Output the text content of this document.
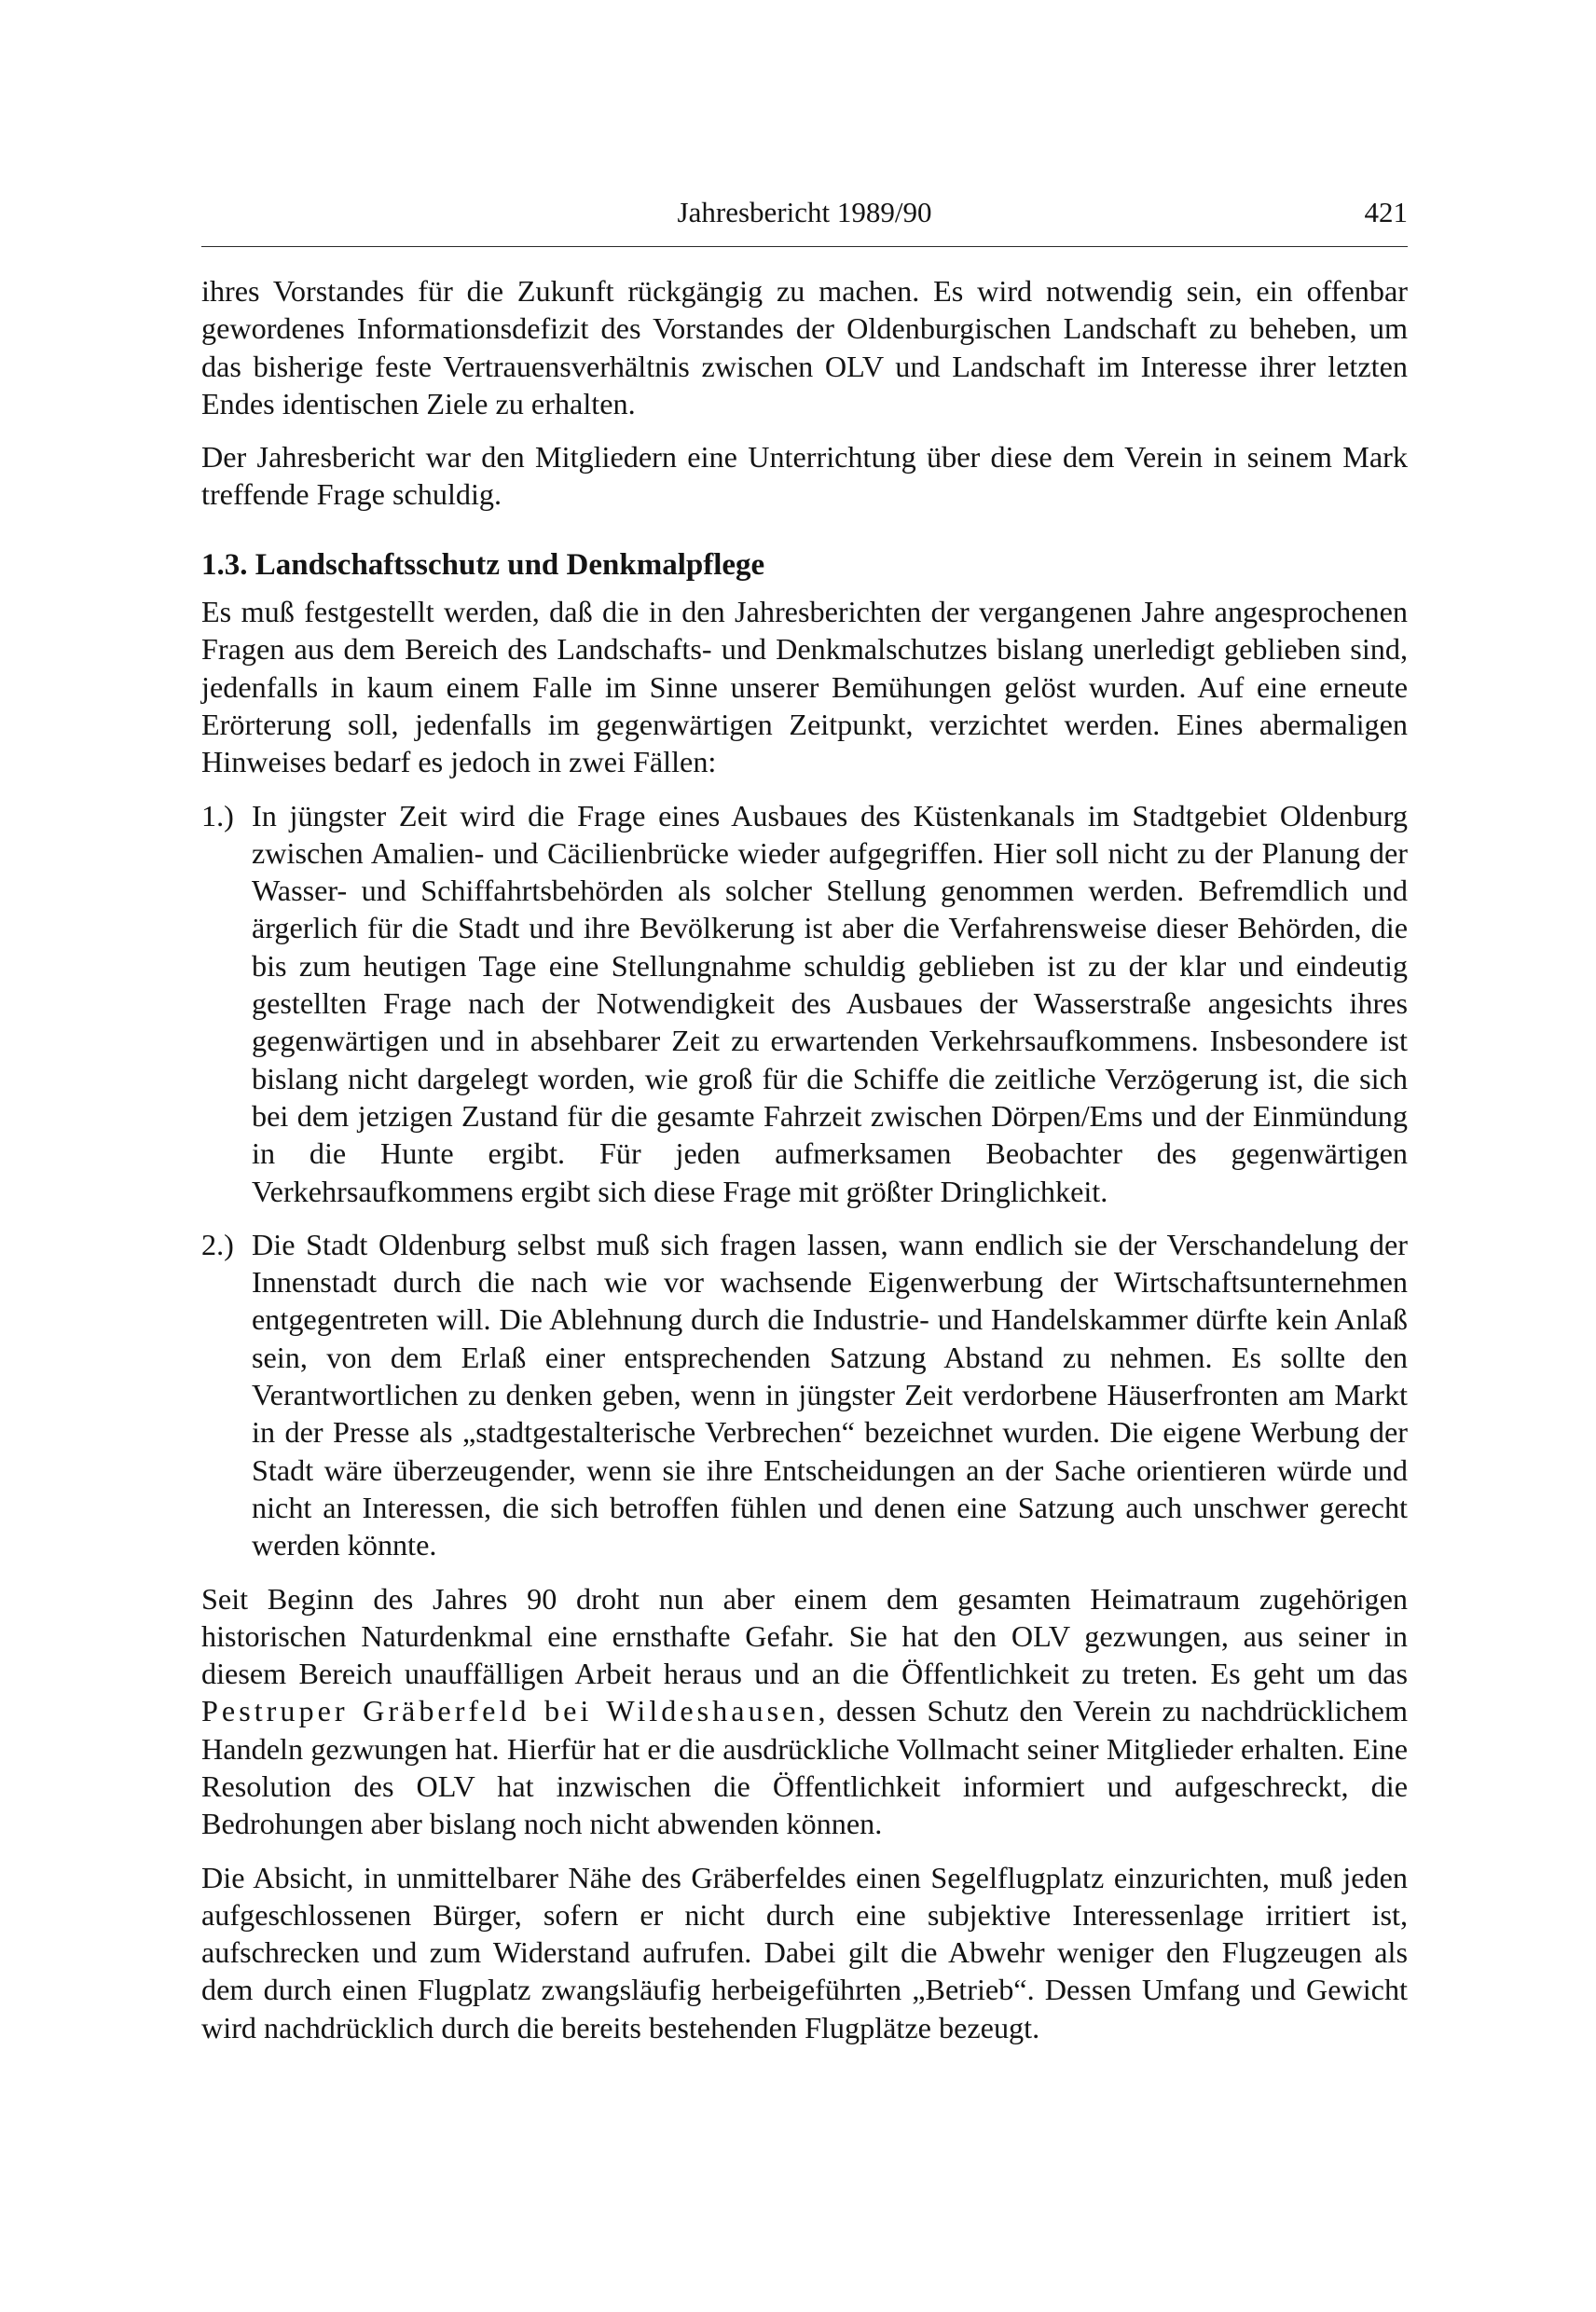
Jahresbericht 1989/90	421

ihres Vorstandes für die Zukunft rückgängig zu machen. Es wird notwendig sein, ein offenbar gewordenes Informationsdefizit des Vorstandes der Oldenburgischen Landschaft zu beheben, um das bisherige feste Vertrauensverhältnis zwischen OLV und Landschaft im Interesse ihrer letzten Endes identischen Ziele zu erhalten.

Der Jahresbericht war den Mitgliedern eine Unterrichtung über diese dem Verein in seinem Mark treffende Frage schuldig.

1.3. Landschaftsschutz und Denkmalpflege

Es muß festgestellt werden, daß die in den Jahresberichten der vergangenen Jahre angesprochenen Fragen aus dem Bereich des Landschafts- und Denkmalschutzes bislang unerledigt geblieben sind, jedenfalls in kaum einem Falle im Sinne unserer Bemühungen gelöst wurden. Auf eine erneute Erörterung soll, jedenfalls im gegenwärtigen Zeitpunkt, verzichtet werden. Eines abermaligen Hinweises bedarf es jedoch in zwei Fällen:

1.) In jüngster Zeit wird die Frage eines Ausbaues des Küstenkanals im Stadtgebiet Oldenburg zwischen Amalien- und Cäcilienbrücke wieder aufgegriffen. Hier soll nicht zu der Planung der Wasser- und Schiffahrtsbehörden als solcher Stellung genommen werden. Befremdlich und ärgerlich für die Stadt und ihre Bevölkerung ist aber die Verfahrensweise dieser Behörden, die bis zum heutigen Tage eine Stellungnahme schuldig geblieben ist zu der klar und eindeutig gestellten Frage nach der Notwendigkeit des Ausbaues der Wasserstraße angesichts ihres gegenwärtigen und in absehbarer Zeit zu erwartenden Verkehrsaufkommens. Insbesondere ist bislang nicht dargelegt worden, wie groß für die Schiffe die zeitliche Verzögerung ist, die sich bei dem jetzigen Zustand für die gesamte Fahrzeit zwischen Dörpen/Ems und der Einmündung in die Hunte ergibt. Für jeden aufmerksamen Beobachter des gegenwärtigen Verkehrsaufkommens ergibt sich diese Frage mit größter Dringlichkeit.
2.) Die Stadt Oldenburg selbst muß sich fragen lassen, wann endlich sie der Verschandelung der Innenstadt durch die nach wie vor wachsende Eigenwerbung der Wirtschaftsunternehmen entgegentreten will. Die Ablehnung durch die Industrie- und Handelskammer dürfte kein Anlaß sein, von dem Erlaß einer entsprechenden Satzung Abstand zu nehmen. Es sollte den Verantwortlichen zu denken geben, wenn in jüngster Zeit verdorbene Häuserfronten am Markt in der Presse als „stadtgestalterische Verbrechen“ bezeichnet wurden. Die eigene Werbung der Stadt wäre überzeugender, wenn sie ihre Entscheidungen an der Sache orientieren würde und nicht an Interessen, die sich betroffen fühlen und denen eine Satzung auch unschwer gerecht werden könnte.

Seit Beginn des Jahres 90 droht nun aber einem dem gesamten Heimatraum zugehörigen historischen Naturdenkmal eine ernsthafte Gefahr. Sie hat den OLV gezwungen, aus seiner in diesem Bereich unauffälligen Arbeit heraus und an die Öffentlichkeit zu treten. Es geht um das Pestruper Gräberfeld bei Wildeshausen, dessen Schutz den Verein zu nachdrücklichem Handeln gezwungen hat. Hierfür hat er die ausdrückliche Vollmacht seiner Mitglieder erhalten. Eine Resolution des OLV hat inzwischen die Öffentlichkeit informiert und aufgeschreckt, die Bedrohungen aber bislang noch nicht abwenden können.

Die Absicht, in unmittelbarer Nähe des Gräberfeldes einen Segelflugplatz einzurichten, muß jeden aufgeschlossenen Bürger, sofern er nicht durch eine subjektive Interessenlage irritiert ist, aufschrecken und zum Widerstand aufrufen. Dabei gilt die Abwehr weniger den Flugzeugen als dem durch einen Flugplatz zwangsläufig herbeigeführten „Betrieb“. Dessen Umfang und Gewicht wird nachdrücklich durch die bereits bestehenden Flugplätze bezeugt.
